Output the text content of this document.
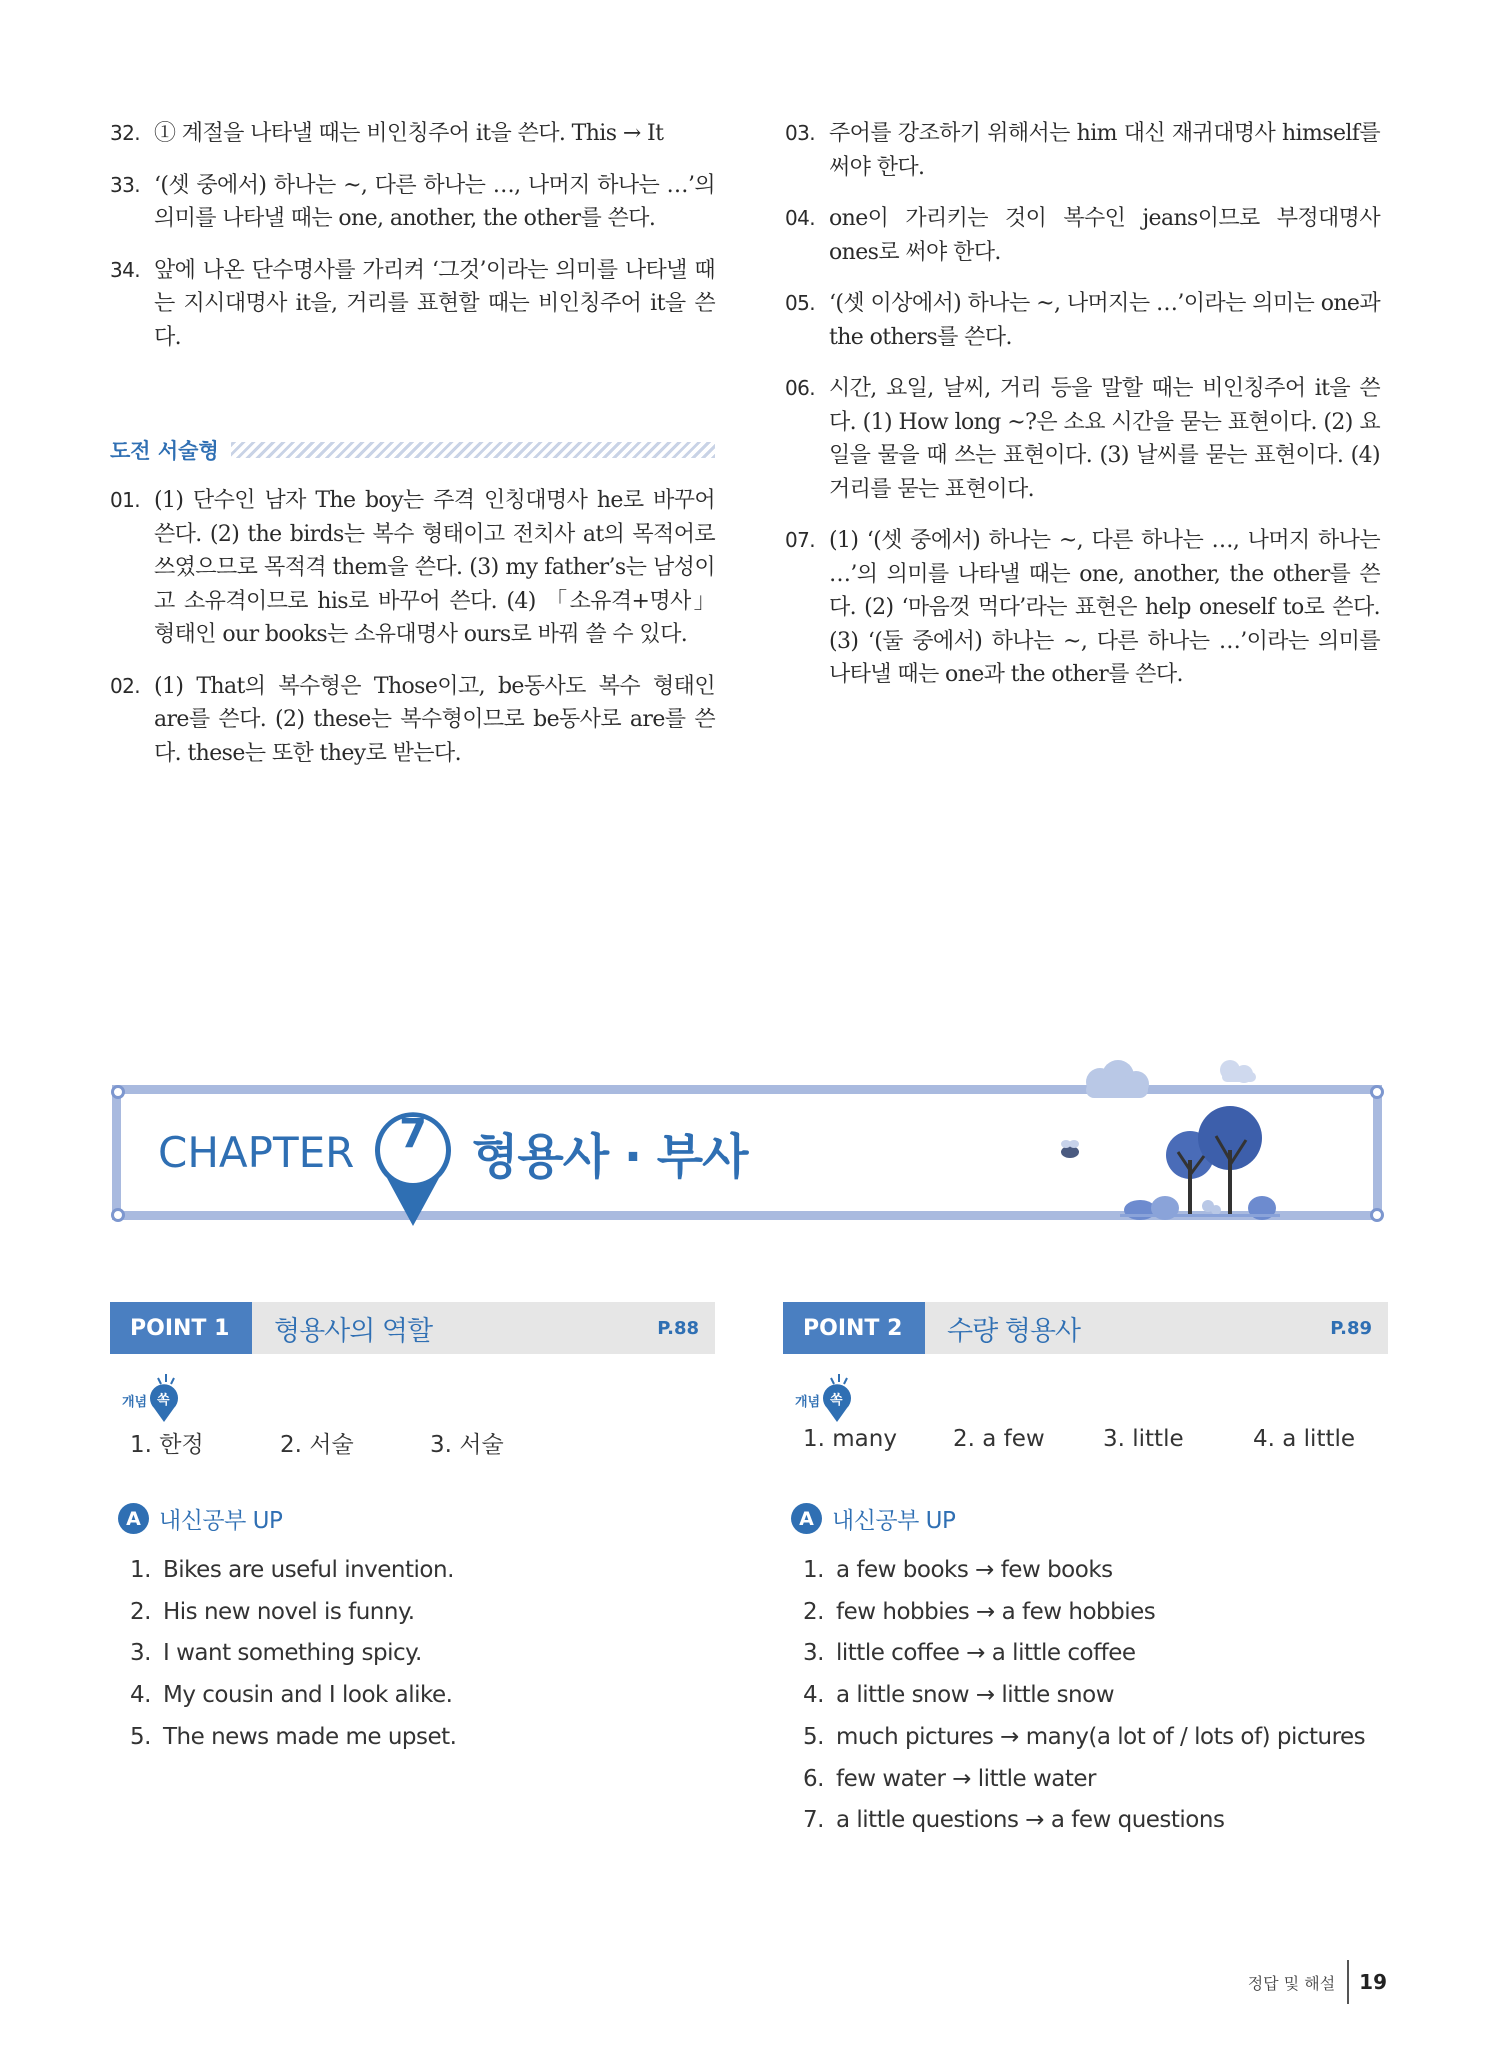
32. ① 계절을 나타낼 때는 비인칭주어 it을 쓴다. This → It
33. ‘(셋 중에서) 하나는 ~, 다른 하나는 …, 나머지 하나는 …’의 의미를 나타낼 때는 one, another, the other를 쓴다.
34. 앞에 나온 단수명사를 가리켜 ‘그것’이라는 의미를 나타낼 때는 지시대명사 it을, 거리를 표현할 때는 비인칭주어 it을 쓴다.
도전 서술형
01. (1) 단수인 남자 The boy는 주격 인칭대명사 he로 바꾸어 쓴다. (2) the birds는 복수 형태이고 전치사 at의 목적어로 쓰였으므로 목적격 them을 쓴다. (3) my father’s는 남성이고 소유격이므로 his로 바꾸어 쓴다. (4) 「소유격+명사」 형태인 our books는 소유대명사 ours로 바꿔 쓸 수 있다.
02. (1) That의 복수형은 Those이고, be동사도 복수 형태인 are를 쓴다. (2) these는 복수형이므로 be동사로 are를 쓴다. these는 또한 they로 받는다.
03. 주어를 강조하기 위해서는 him 대신 재귀대명사 himself를 써야 한다.
04. one이 가리키는 것이 복수인 jeans이므로 부정대명사 ones로 써야 한다.
05. ‘(셋 이상에서) 하나는 ~, 나머지는 …’이라는 의미는 one과 the others를 쓴다.
06. 시간, 요일, 날씨, 거리 등을 말할 때는 비인칭주어 it을 쓴다. (1) How long ~?은 소요 시간을 묻는 표현이다. (2) 요일을 물을 때 쓰는 표현이다. (3) 날씨를 묻는 표현이다. (4) 거리를 묻는 표현이다.
07. (1) ‘(셋 중에서) 하나는 ~, 다른 하나는 …, 나머지 하나는 …’의 의미를 나타낼 때는 one, another, the other를 쓴다. (2) ‘마음껏 먹다’라는 표현은 help oneself to로 쓴다. (3) ‘(둘 중에서) 하나는 ~, 다른 하나는 …’이라는 의미를 나타낼 때는 one과 the other를 쓴다.
CHAPTER	7 형용사 · 부사
POINT 1	형용사의 역할	P.88
개념 쏙
1. 한정	2. 서술	3. 서술
A 내신공부 UP
1. Bikes are useful invention.
2. His new novel is funny.
3. I want something spicy.
4. My cousin and I look alike.
5. The news made me upset.
POINT 2	수량 형용사	P.89
개념 쏙
1. many	2. a few	3. little	4. a little
A 내신공부 UP
1. a few books → few books
2. few hobbies → a few hobbies
3. little coffee → a little coffee
4. a little snow → little snow
5. much pictures → many(a lot of / lots of) pictures
6. few water → little water
7. a little questions → a few questions
정답 및 해설	19
